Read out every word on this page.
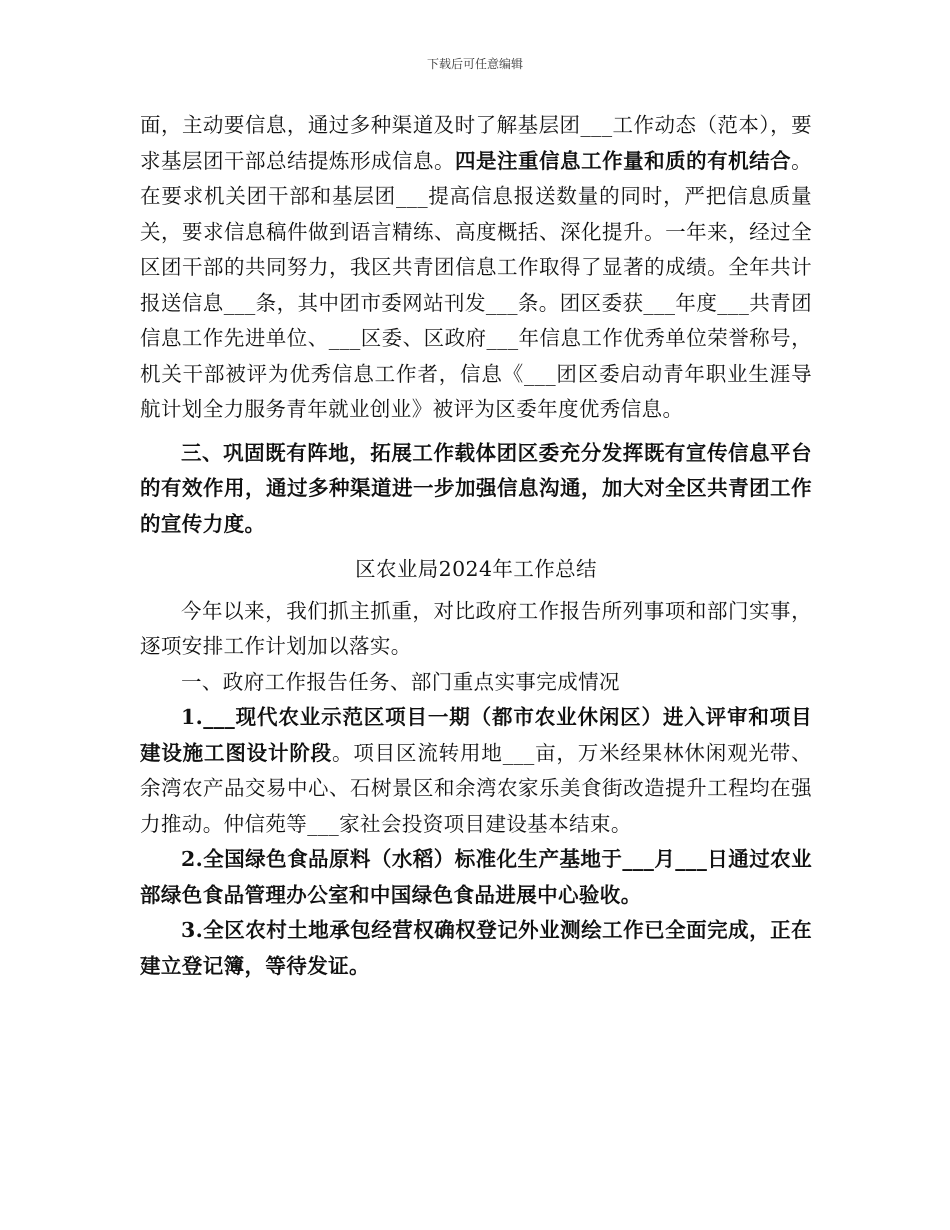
下载后可任意编辑

面，主动要信息，通过多种渠道及时了解基层团___工作动态（范本），要求基层团干部总结提炼形成信息。四是注重信息工作量和质的有机结合。在要求机关团干部和基层团___提高信息报送数量的同时，严把信息质量关，要求信息稿件做到语言精练、高度概括、深化提升。一年来，经过全区团干部的共同努力，我区共青团信息工作取得了显著的成绩。全年共计报送信息___条，其中团市委网站刊发___条。团区委获___年度___共青团信息工作先进单位、___区委、区政府___年信息工作优秀单位荣誉称号，机关干部被评为优秀信息工作者，信息《___团区委启动青年职业生涯导航计划全力服务青年就业创业》被评为区委年度优秀信息。

三、巩固既有阵地，拓展工作载体团区委充分发挥既有宣传信息平台的有效作用，通过多种渠道进一步加强信息沟通，加大对全区共青团工作的宣传力度。

区农业局2024年工作总结

今年以来，我们抓主抓重，对比政府工作报告所列事项和部门实事，逐项安排工作计划加以落实。

一、政府工作报告任务、部门重点实事完成情况

1.___现代农业示范区项目一期（都市农业休闲区）进入评审和项目建设施工图设计阶段。项目区流转用地___亩，万米经果林休闲观光带、余湾农产品交易中心、石树景区和余湾农家乐美食街改造提升工程均在强力推动。仲信苑等___家社会投资项目建设基本结束。

2.全国绿色食品原料（水稻）标准化生产基地于___月___日通过农业部绿色食品管理办公室和中国绿色食品进展中心验收。

3.全区农村土地承包经营权确权登记外业测绘工作已全面完成，正在建立登记簿，等待发证。
